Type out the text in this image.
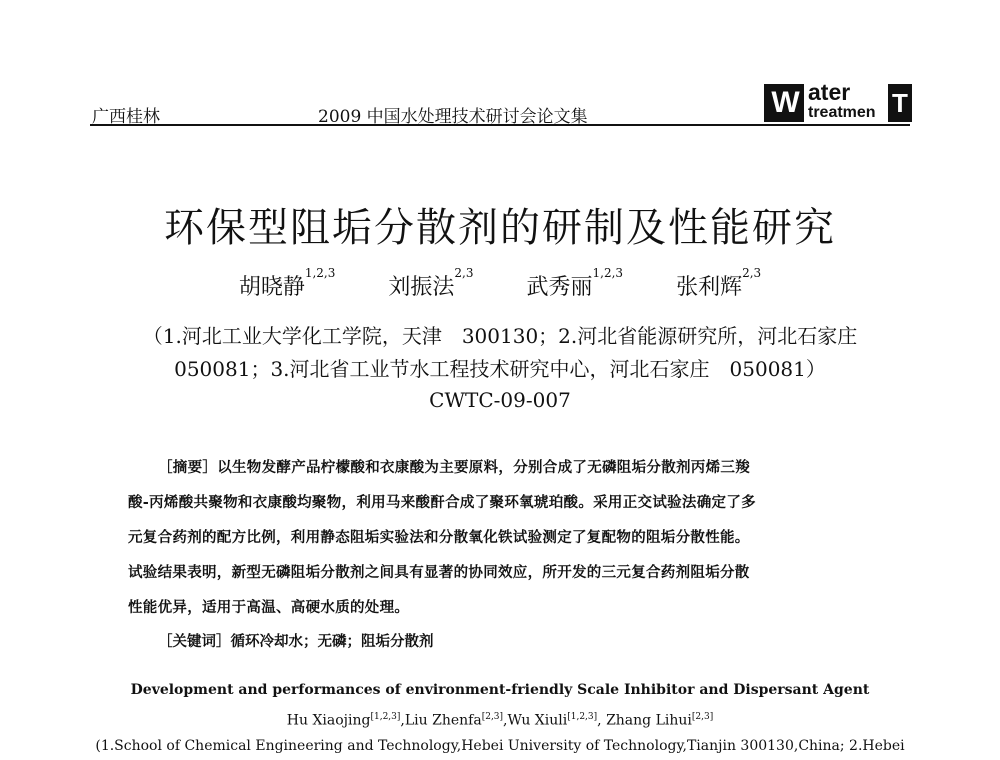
广西桂林	2009 中国水处理技术研讨会论文集	W ater
treatmen T
环保型阻垢分散剂的研制及性能研究
胡晓静$^{1,2,3}$ 刘振法$^{2,3}$ 武秀丽$^{1,2,3}$ 张利辉$^{2,3}$
（1.河北工业大学化工学院，天津　300130；2.河北省能源研究所，河北石家庄
050081；3.河北省工业节水工程技术研究中心，河北石家庄　050081）
CWTC-09-007
［摘要］以生物发酵产品柠檬酸和衣康酸为主要原料，分别合成了无磷阻垢分散剂丙烯三羧
酸-丙烯酸共聚物和衣康酸均聚物，利用马来酸酐合成了聚环氧琥珀酸。采用正交试验法确定了多
元复合药剂的配方比例，利用静态阻垢实验法和分散氧化铁试验测定了复配物的阻垢分散性能。
试验结果表明，新型无磷阻垢分散剂之间具有显著的协同效应，所开发的三元复合药剂阻垢分散
性能优异，适用于高温、高硬水质的处理。
［关键词］循环冷却水；无磷；阻垢分散剂
Development and performances of environment-friendly Scale Inhibitor and Dispersant Agent
Hu Xiaojing[1,2,3],Liu Zhenfa[2,3],Wu Xiuli[1,2,3], Zhang Lihui[2,3]
(1.School of Chemical Engineering and Technology,Hebei University of Technology,Tianjin 300130,China; 2.Hebei
